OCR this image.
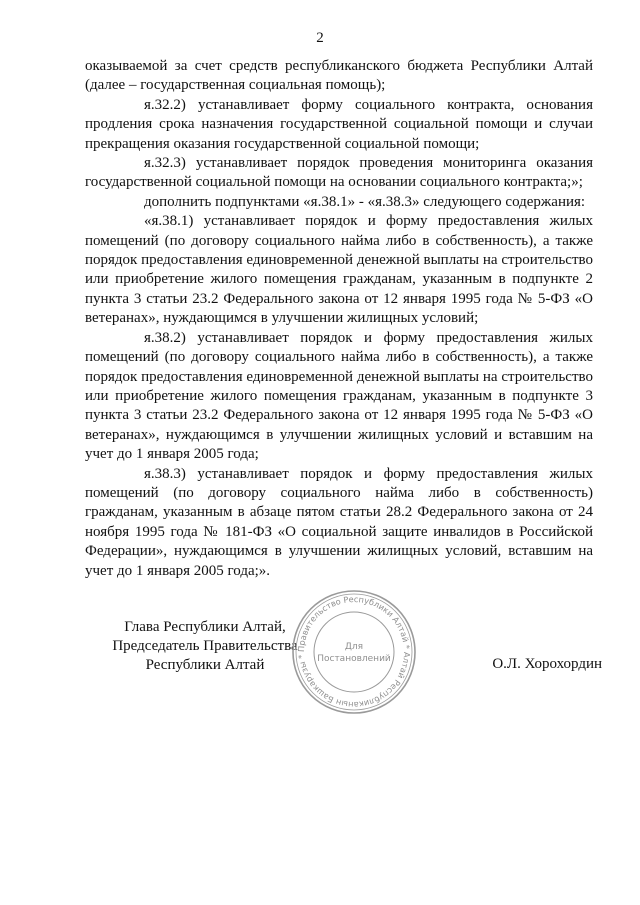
2

оказываемой за счет средств республиканского бюджета Республики Алтай (далее – государственная социальная помощь);

я.32.2) устанавливает форму социального контракта, основания продления срока назначения государственной социальной помощи и случаи прекращения оказания государственной социальной помощи;

я.32.3) устанавливает порядок проведения мониторинга оказания государственной социальной помощи на основании социального контракта;»;

дополнить подпунктами «я.38.1» - «я.38.3» следующего содержания:

«я.38.1) устанавливает порядок и форму предоставления жилых помещений (по договору социального найма либо в собственность), а также порядок предоставления единовременной денежной выплаты на строительство или приобретение жилого помещения гражданам, указанным в подпункте 2 пункта 3 статьи 23.2 Федерального закона от 12 января 1995 года № 5-ФЗ «О ветеранах», нуждающимся в улучшении жилищных условий;

я.38.2) устанавливает порядок и форму предоставления жилых помещений (по договору социального найма либо в собственность), а также порядок предоставления единовременной денежной выплаты на строительство или приобретение жилого помещения гражданам, указанным в подпункте 3 пункта 3 статьи 23.2 Федерального закона от 12 января 1995 года № 5-ФЗ «О ветеранах», нуждающимся в улучшении жилищных условий и вставшим на учет до 1 января 2005 года;

я.38.3) устанавливает порядок и форму предоставления жилых помещений (по договору социального найма либо в собственность) гражданам, указанным в абзаце пятом статьи 28.2 Федерального закона от 24 ноября 1995 года № 181-ФЗ «О социальной защите инвалидов в Российской Федерации», нуждающимся в улучшении жилищных условий, вставшим на учет до 1 января 2005 года;».

Глава Республики Алтай,
Председатель Правительства
Республики Алтай
Правительство Республики Алтай * Алтай Республиканын Башкарузы *
Для
Постановлений	О.Л. Хорохордин
